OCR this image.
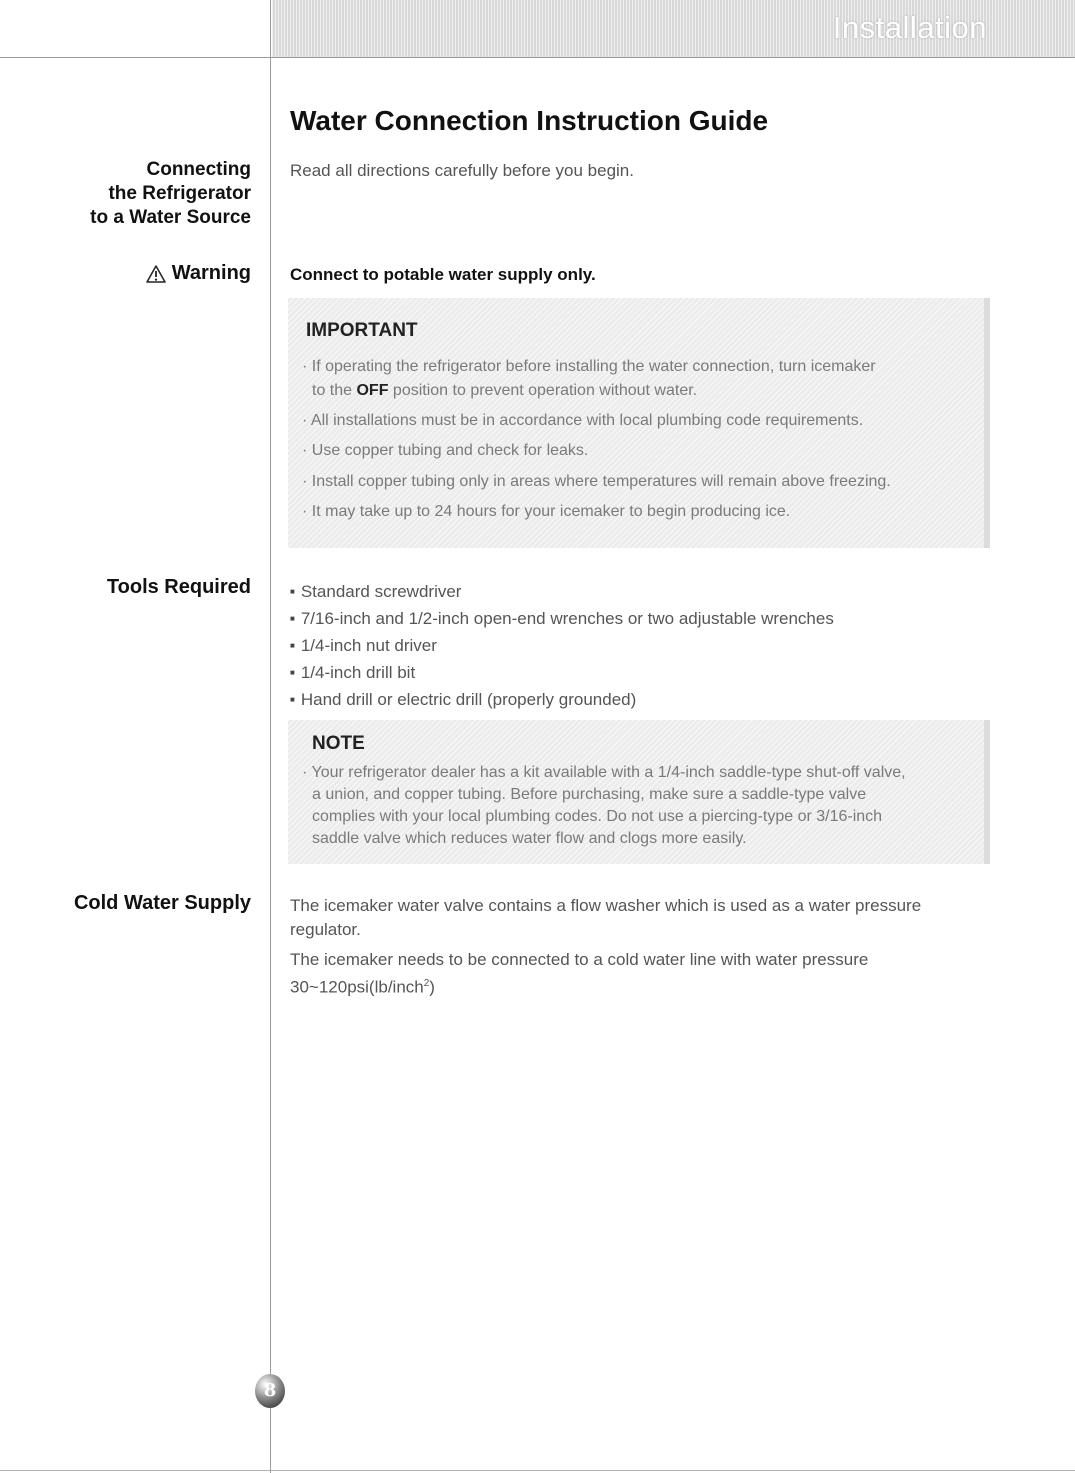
Installation
Connecting
the Refrigerator
to a Water Source
Warning
Tools Required
Cold Water Supply
Water Connection Instruction Guide
Read all directions carefully before you begin.
Connect to potable water supply only.
IMPORTANT
· If operating the refrigerator before installing the water connection, turn icemaker
to the OFF position to prevent operation without water.
· All installations must be in accordance with local plumbing code requirements.
· Use copper tubing and check for leaks.
· Install copper tubing only in areas where temperatures will remain above freezing.
· It may take up to 24 hours for your icemaker to begin producing ice.
■ Standard screwdriver
■ 7/16-inch and 1/2-inch open-end wrenches or two adjustable wrenches
■ 1/4-inch nut driver
■ 1/4-inch drill bit
■ Hand drill or electric drill (properly grounded)
NOTE
· Your refrigerator dealer has a kit available with a 1/4-inch saddle-type shut-off valve,
a union, and copper tubing. Before purchasing, make sure a saddle-type valve
complies with your local plumbing codes. Do not use a piercing-type or 3/16-inch
saddle valve which reduces water flow and clogs more easily.
The icemaker water valve contains a flow washer which is used as a water pressure regulator.
The icemaker needs to be connected to a cold water line with water pressure 30~120psi(lb/inch$^2$)
8
